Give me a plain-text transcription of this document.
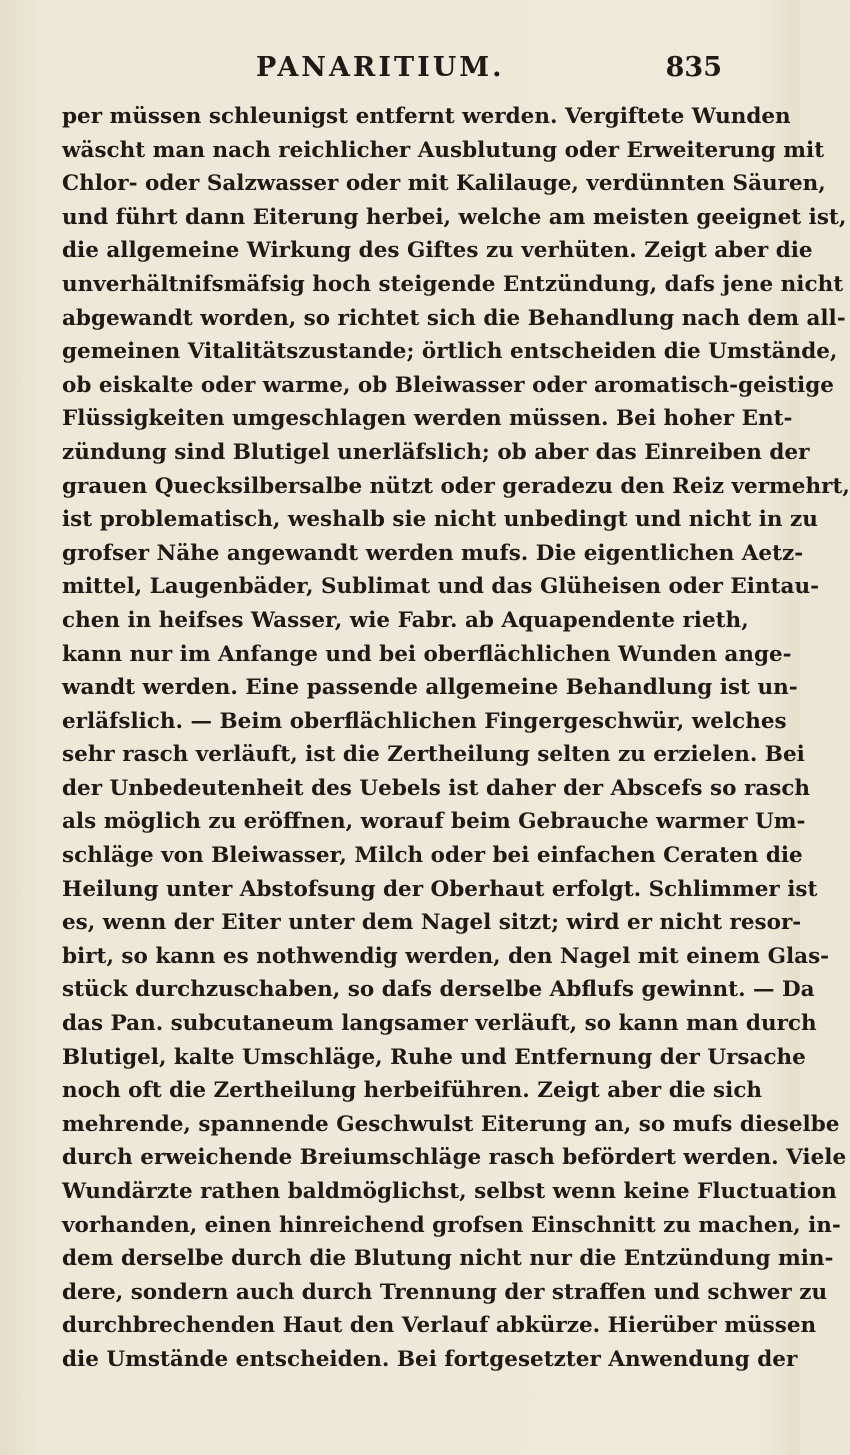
PANARITIUM.	835
per müssen schleunigst entfernt werden. Vergiftete Wunden
wäscht man nach reichlicher Ausblutung oder Erweiterung mit
Chlor- oder Salzwasser oder mit Kalilauge, verdünnten Säuren,
und führt dann Eiterung herbei, welche am meisten geeignet ist,
die allgemeine Wirkung des Giftes zu verhüten. Zeigt aber die
unverhältnifsmäfsig hoch steigende Entzündung, dafs jene nicht
abgewandt worden, so richtet sich die Behandlung nach dem all-
gemeinen Vitalitätszustande; örtlich entscheiden die Umstände,
ob eiskalte oder warme, ob Bleiwasser oder aromatisch-geistige
Flüssigkeiten umgeschlagen werden müssen. Bei hoher Ent-
zündung sind Blutigel unerläfslich; ob aber das Einreiben der
grauen Quecksilbersalbe nützt oder geradezu den Reiz vermehrt,
ist problematisch, weshalb sie nicht unbedingt und nicht in zu
grofser Nähe angewandt werden mufs. Die eigentlichen Aetz-
mittel, Laugenbäder, Sublimat und das Glüheisen oder Eintau-
chen in heifses Wasser, wie Fabr. ab Aquapendente rieth,
kann nur im Anfange und bei oberflächlichen Wunden ange-
wandt werden. Eine passende allgemeine Behandlung ist un-
erläfslich. — Beim oberflächlichen Fingergeschwür, welches
sehr rasch verläuft, ist die Zertheilung selten zu erzielen. Bei
der Unbedeutenheit des Uebels ist daher der Abscefs so rasch
als möglich zu eröffnen, worauf beim Gebrauche warmer Um-
schläge von Bleiwasser, Milch oder bei einfachen Ceraten die
Heilung unter Abstofsung der Oberhaut erfolgt. Schlimmer ist
es, wenn der Eiter unter dem Nagel sitzt; wird er nicht resor-
birt, so kann es nothwendig werden, den Nagel mit einem Glas-
stück durchzuschaben, so dafs derselbe Abflufs gewinnt. — Da
das Pan. subcutaneum langsamer verläuft, so kann man durch
Blutigel, kalte Umschläge, Ruhe und Entfernung der Ursache
noch oft die Zertheilung herbeiführen. Zeigt aber die sich
mehrende, spannende Geschwulst Eiterung an, so mufs dieselbe
durch erweichende Breiumschläge rasch befördert werden. Viele
Wundärzte rathen baldmöglichst, selbst wenn keine Fluctuation
vorhanden, einen hinreichend grofsen Einschnitt zu machen, in-
dem derselbe durch die Blutung nicht nur die Entzündung min-
dere, sondern auch durch Trennung der straffen und schwer zu
durchbrechenden Haut den Verlauf abkürze. Hierüber müssen
die Umstände entscheiden. Bei fortgesetzter Anwendung der
